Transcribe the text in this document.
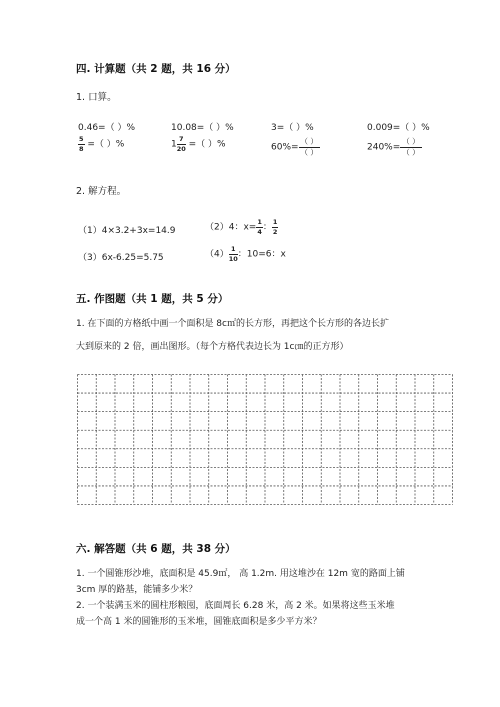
四. 计算题（共 2 题，共 16 分）
1. 口算。
0.46=（ ）%	10.08=（ ）%	3=（ ）%	0.009=（ ）%
$\frac{5}{8}$ =（ ）%	$1 \frac{7}{20}$ =（ ）%	$60\%= \frac{( )}{( )}$	$240\%= \frac{( )}{( )}$
2. 解方程。
（1）4×3.2+3x=14.9	（2）4：$x= \frac{1}{4}$ ： $\frac{1}{2}$
（3）6x-6.25=5.75	$(4) \frac{1}{10}$ ：10=6：x
五. 作图题（共 1 题，共 5 分）
1. 在下面的方格纸中画一个面积是 8c㎡的长方形，再把这个长方形的各边长扩
大到原来的 2 倍，画出图形。（每个方格代表边长为 1c㎝的正方形）
六. 解答题（共 6 题，共 38 分）
1. 一个圆锥形沙堆，底面积是 45.9㎡， 高 1.2m. 用这堆沙在 12m 宽的路面上铺
3cm 厚的路基，能铺多少米？
2. 一个装满玉米的圆柱形粮囤，底面周长 6.28 米，高 2 米。如果将这些玉米堆
成一个高 1 米的圆锥形的玉米堆，圆锥底面积是多少平方米？
